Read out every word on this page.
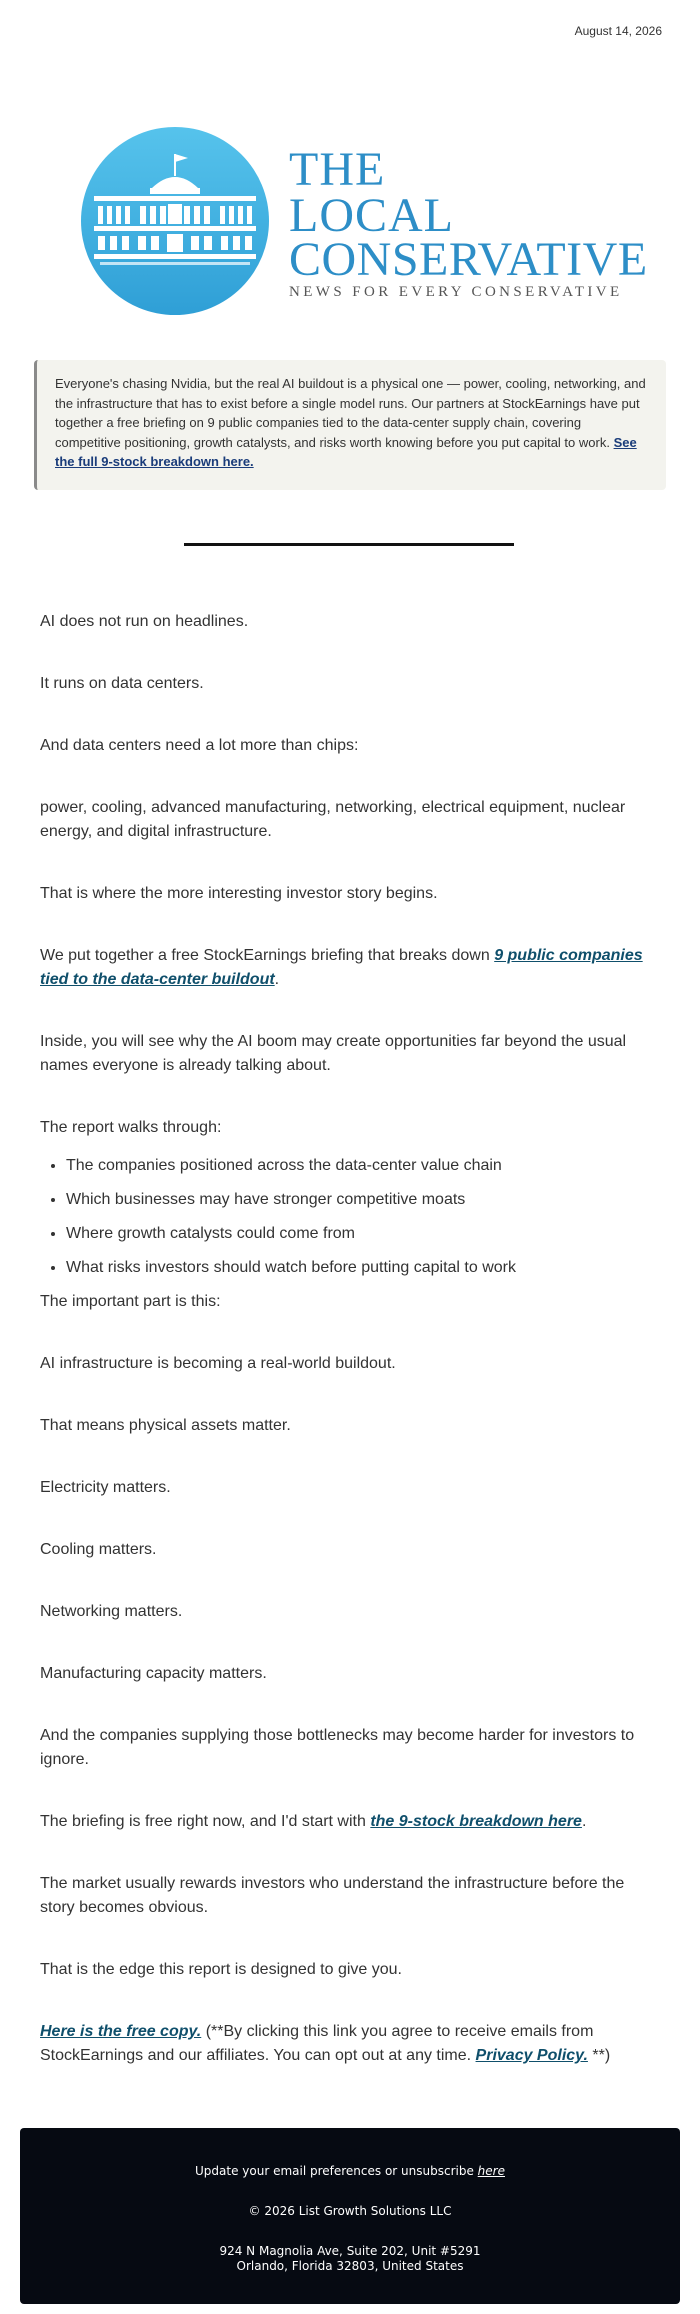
August 14, 2026
THE
LOCAL
CONSERVATIVE
NEWS FOR EVERY CONSERVATIVE
Everyone's chasing Nvidia, but the real AI buildout is a physical one — power, cooling, networking, and the infrastructure that has to exist before a single model runs. Our partners at StockEarnings have put together a free briefing on 9 public companies tied to the data-center supply chain, covering competitive positioning, growth catalysts, and risks worth knowing before you put capital to work. See the full 9-stock breakdown here.

AI does not run on headlines.

It runs on data centers.

And data centers need a lot more than chips:

power, cooling, advanced manufacturing, networking, electrical equipment, nuclear energy, and digital infrastructure.

That is where the more interesting investor story begins.

We put together a free StockEarnings briefing that breaks down 9 public companies tied to the data-center buildout.

Inside, you will see why the AI boom may create opportunities far beyond the usual names everyone is already talking about.

The report walks through:

• The companies positioned across the data-center value chain
• Which businesses may have stronger competitive moats
• Where growth catalysts could come from
• What risks investors should watch before putting capital to work

The important part is this:

AI infrastructure is becoming a real-world buildout.

That means physical assets matter.

Electricity matters.

Cooling matters.

Networking matters.

Manufacturing capacity matters.

And the companies supplying those bottlenecks may become harder for investors to ignore.

The briefing is free right now, and I'd start with the 9-stock breakdown here.

The market usually rewards investors who understand the infrastructure before the story becomes obvious.

That is the edge this report is designed to give you.

Here is the free copy. (**By clicking this link you agree to receive emails from StockEarnings and our affiliates. You can opt out at any time. Privacy Policy. **)

Update your email preferences or unsubscribe here
© 2026 List Growth Solutions LLC
924 N Magnolia Ave, Suite 202, Unit #5291
Orlando, Florida 32803, United States
